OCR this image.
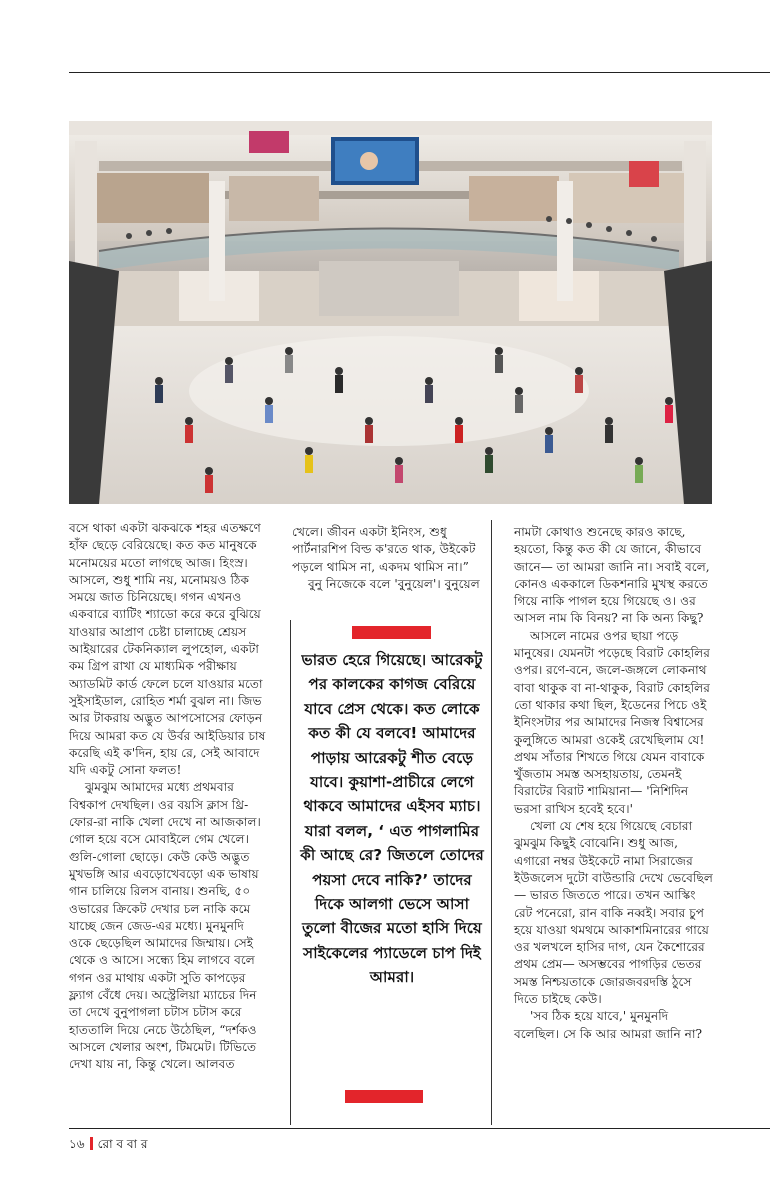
বসে থাকা একটা ঝকঝকে শহর এতক্ষণে হাঁফ ছেড়ে বেরিয়েছে। কত কত মানুষকে মনোময়ের মতো লাগছে আজ। হিংস্র। আসলে, শুধু শামি নয়, মনোময়ও ঠিক সময়ে জাত চিনিয়েছে। গগন এখনও একবারে ব্যাটিং শ্যাডো করে করে বুঝিয়ে যাওয়ার আপ্রাণ চেষ্টা চালাচ্ছে শ্রেয়স আইয়ারের টেকনিক্যাল লুপহোল, একটা কম গ্রিপ রাখা যে মাধ্যমিক পরীক্ষায় অ্যাডমিট কার্ড ফেলে চলে যাওয়ার মতো সুইসাইডাল, রোহিত শর্মা বুঝল না। জিভ আর টাকরায় অদ্ভুত আপসোসের ফোড়ন দিয়ে আমরা কত যে উর্বর আইডিয়ার চাষ করেছি এই ক'দিন, হায় রে, সেই আবাদে যদি একটু সোনা ফলত!

ঝুমঝুম আমাদের মধ্যে প্রথমবার বিশ্বকাপ দেখছিল। ওর বয়সি ক্লাস থ্রি-ফোর-রা নাকি খেলা দেখে না আজকাল। গোল হয়ে বসে মোবাইলে গেম খেলে। গুলি-গোলা ছোড়ে। কেউ কেউ অদ্ভুত মুখভঙ্গি আর এবড়োখেবড়ো এক ভাষায় গান চালিয়ে রিলস বানায়। শুনছি, ৫০ ওভারের ক্রিকেট দেখার চল নাকি কমে যাচ্ছে জেন জেড-এর মধ্যে। মুনমুনদি ওকে ছেড়েছিল আমাদের জিম্মায়। সেই থেকে ও আসে। সন্ধ্যে হিম লাগবে বলে গগন ওর মাথায় একটা সুতি কাপড়ের ফ্ল্যাগ বেঁধে দেয়। অস্ট্রেলিয়া ম্যাচের দিন তা দেখে বুনুপাগলা চটাস চটাস করে হাততালি দিয়ে নেচে উঠেছিল, “দর্শকও আসলে খেলার অংশ, টিমমেট। টিভিতে দেখা যায় না, কিন্তু খেলে। আলবত

খেলে। জীবন একটা ইনিংস, শুধু পার্টনারশিপ বিল্ড ক'রতে থাক, উইকেট পড়লে থামিস না, একদম থামিস না।”

বুনু নিজেকে বলে 'বুনুয়েল'। বুনুয়েল

ভারত হেরে গিয়েছে। আরেকটু পর কালকের কাগজ বেরিয়ে যাবে প্রেস থেকে। কত লোকে কত কী যে বলবে! আমাদের পাড়ায় আরেকটু শীত বেড়ে যাবে। কুয়াশা-প্রাচীরে লেগে থাকবে আমাদের এইসব ম্যাচ। যারা বলল, ‘ এত পাগলামির কী আছে রে? জিতলে তোদের পয়সা দেবে নাকি?’ তাদের দিকে আলগা ভেসে আসা তুলো বীজের মতো হাসি দিয়ে সাইকেলের প্যাডেলে চাপ দিই আমরা।

নামটা কোথাও শুনেছে কারও কাছে, হয়তো, কিন্তু কত কী যে জানে, কীভাবে জানে— তা আমরা জানি না। সবাই বলে, কোনও এককালে ডিকশনারি মুখস্থ করতে গিয়ে নাকি পাগল হয়ে গিয়েছে ও। ওর আসল নাম কি বিনয়? না কি অন্য কিছু?

আসলে নামের ওপর ছায়া পড়ে মানুষের। যেমনটা পড়েছে বিরাট কোহলির ওপর। রণে-বনে, জলে-জঙ্গলে লোকনাথ বাবা থাকুক বা না-থাকুক, বিরাট কোহলির তো থাকার কথা ছিল, ইডেনের পিচে ওই ইনিংসটার পর আমাদের নিজস্ব বিশ্বাসের কুলুঙ্গিতে আমরা ওকেই রেখেছিলাম যে! প্রথম সাঁতার শিখতে গিয়ে যেমন বাবাকে খুঁজতাম সমস্ত অসহায়তায়, তেমনই বিরাটের বিরাট শামিয়ানা— 'নিশিদিন ভরসা রাখিস হবেই হবে।'

খেলা যে শেষ হয়ে গিয়েছে বেচারা ঝুমঝুম কিছুই বোঝেনি। শুধু আজ, এগারো নম্বর উইকেটে নামা সিরাজের ইউজলেস দুটো বাউন্ডারি দেখে ভেবেছিল— ভারত জিততে পারে। তখন আস্কিং রেট পনেরো, রান বাকি নব্বই। সবার চুপ হয়ে যাওয়া থমথমে আকাশমিনারের গায়ে ওর খলখলে হাসির দাগ, যেন কৈশোরের প্রথম প্রেম— অসম্ভবের পাগড়ির ভেতর সমস্ত নিশ্চয়তাকে জোরজবরদস্তি ঠুসে দিতে চাইছে কেউ।

'সব ঠিক হয়ে যাবে,' মুনমুনদি বলেছিল। সে কি আর আমরা জানি না?

১৬ রো ব বা র
